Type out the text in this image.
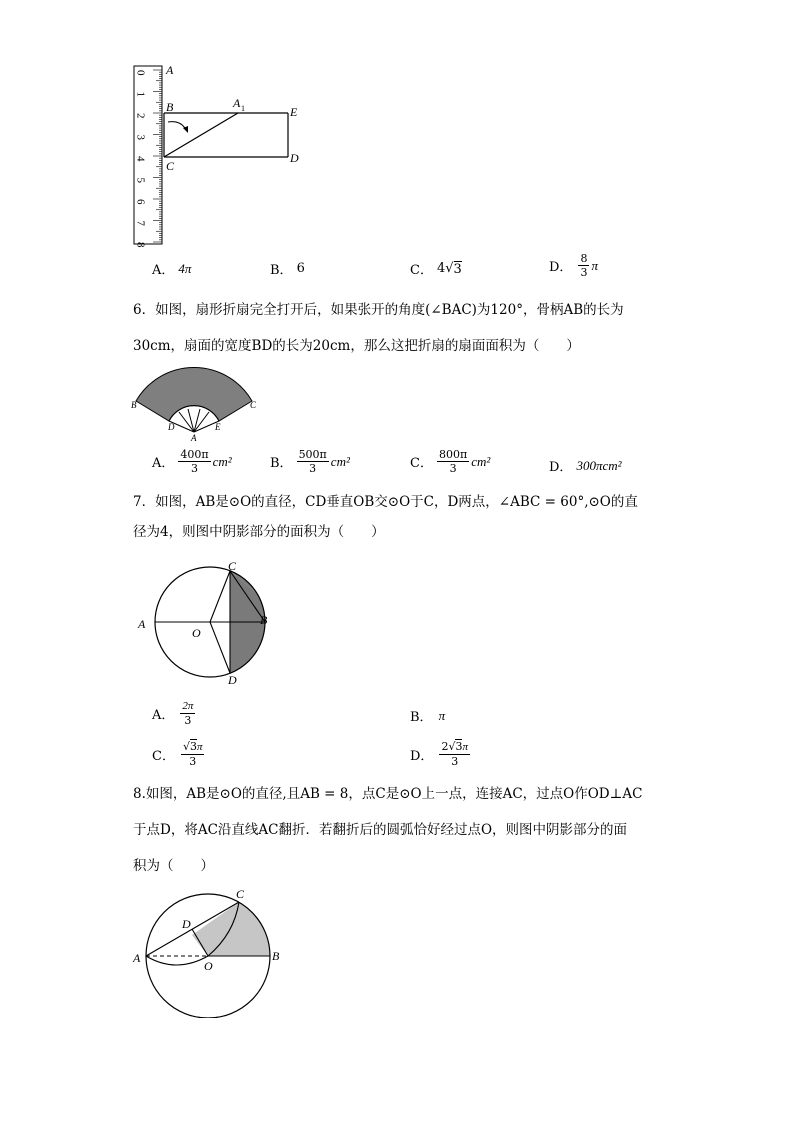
0
1
2
3
4
5
6
7
8
A
B
C
A 1	E
D
A． 4π	B． 6	C． 4 √ 3	D． $\frac{8}{3}$ π
6．如图，扇形折扇完全打开后，如果张开的角度(∠BAC)为120°，骨柄AB的长为
30cm，扇面的宽度BD的长为20cm，那么这把折扇的扇面面积为（　　）
B	C
D	E
A
A． $\frac{400\pi}{3} cm^2$	B． $\frac{500\pi}{3} cm^2$	C． $\frac{800\pi}{3} cm^2$	D． 300πcm²
7．如图，AB是⊙O的直径，CD垂直OB交⊙O于C，D两点，∠ABC = 60°,⊙O的直
径为4，则图中阴影部分的面积为（　　）
A	B
C
D
O
A． $\frac{2\pi}{3}$	B． π
C． $\frac{√3\pi}{3}$	D． $\frac{2√3\pi}{3}$
8.如图，AB是⊙O的直径,且AB = 8，点C是⊙O上一点，连接AC，过点O作OD⊥AC
于点D，将AC沿直线AC翻折．若翻折后的圆弧恰好经过点O，则图中阴影部分的面
积为（　　）
A	B
C
D
O
